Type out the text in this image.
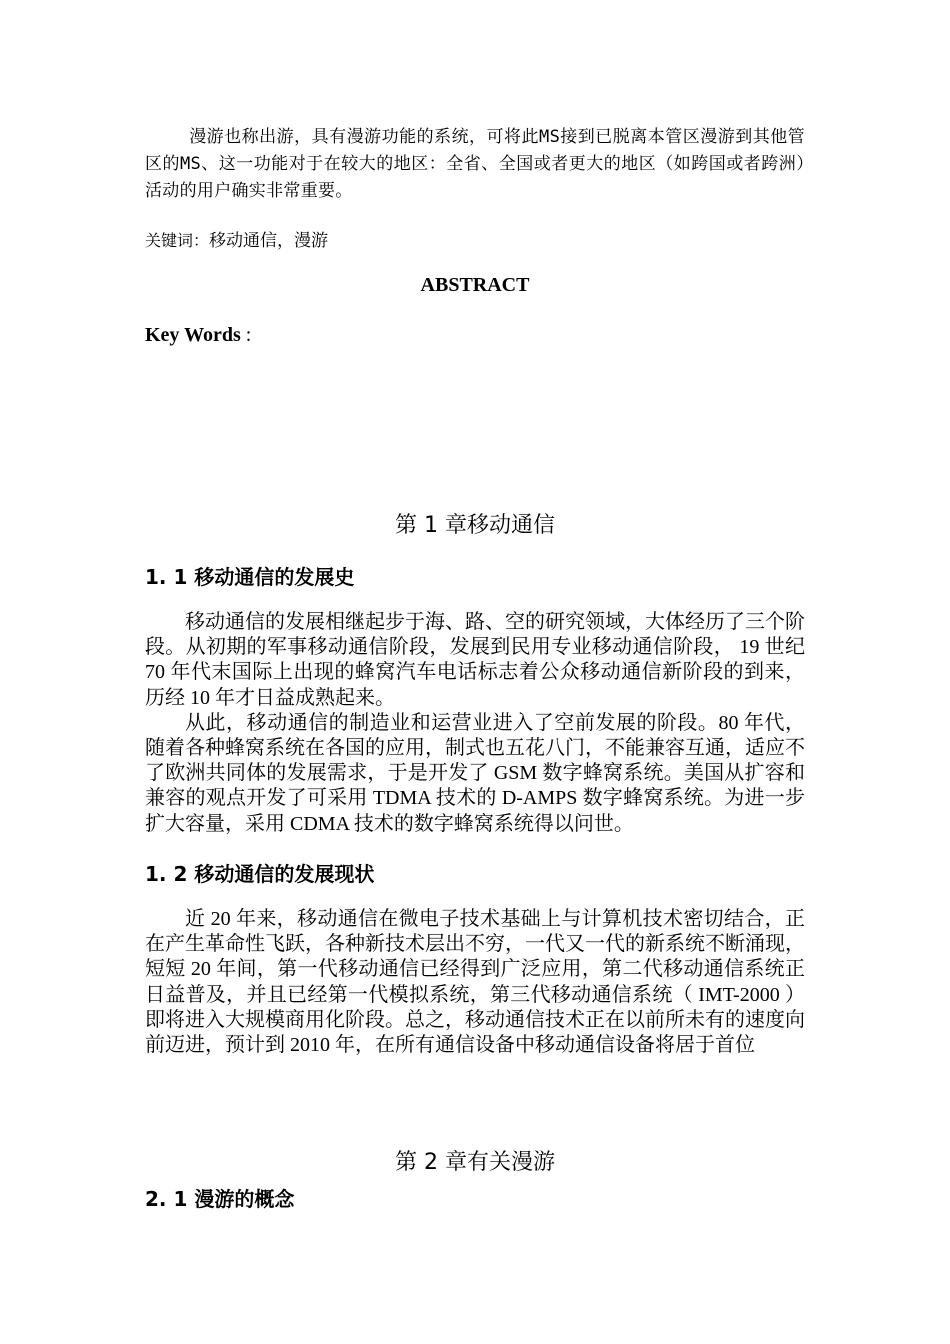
漫游也称出游，具有漫游功能的系统，可将此MS接到已脱离本管区漫游到其他管区的MS、这一功能对于在较大的地区：全省、全国或者更大的地区（如跨国或者跨洲）活动的用户确实非常重要。

关键词：移动通信，漫游
ABSTRACT
Key Words :
第 1 章移动通信
1. 1 移动通信的发展史

移动通信的发展相继起步于海、路、空的研究领域，大体经历了三个阶段。从初期的军事移动通信阶段，发展到民用专业移动通信阶段， 19 世纪 70 年代末国际上出现的蜂窝汽车电话标志着公众移动通信新阶段的到来，历经 10 年才日益成熟起来。

从此，移动通信的制造业和运营业进入了空前发展的阶段。80 年代，随着各种蜂窝系统在各国的应用，制式也五花八门，不能兼容互通，适应不了欧洲共同体的发展需求，于是开发了 GSM 数字蜂窝系统。美国从扩容和兼容的观点开发了可采用 TDMA 技术的 D-AMPS 数字蜂窝系统。为进一步扩大容量，采用 CDMA 技术的数字蜂窝系统得以问世。

1. 2 移动通信的发展现状

近 20 年来，移动通信在微电子技术基础上与计算机技术密切结合，正在产生革命性飞跃，各种新技术层出不穷，一代又一代的新系统不断涌现，短短 20 年间，第一代移动通信已经得到广泛应用，第二代移动通信系统正日益普及，并且已经第一代模拟系统，第三代移动通信系统（ IMT-2000 ）即将进入大规模商用化阶段。总之，移动通信技术正在以前所未有的速度向前迈进，预计到 2010 年，在所有通信设备中移动通信设备将居于首位

第 2 章有关漫游
2. 1 漫游的概念
